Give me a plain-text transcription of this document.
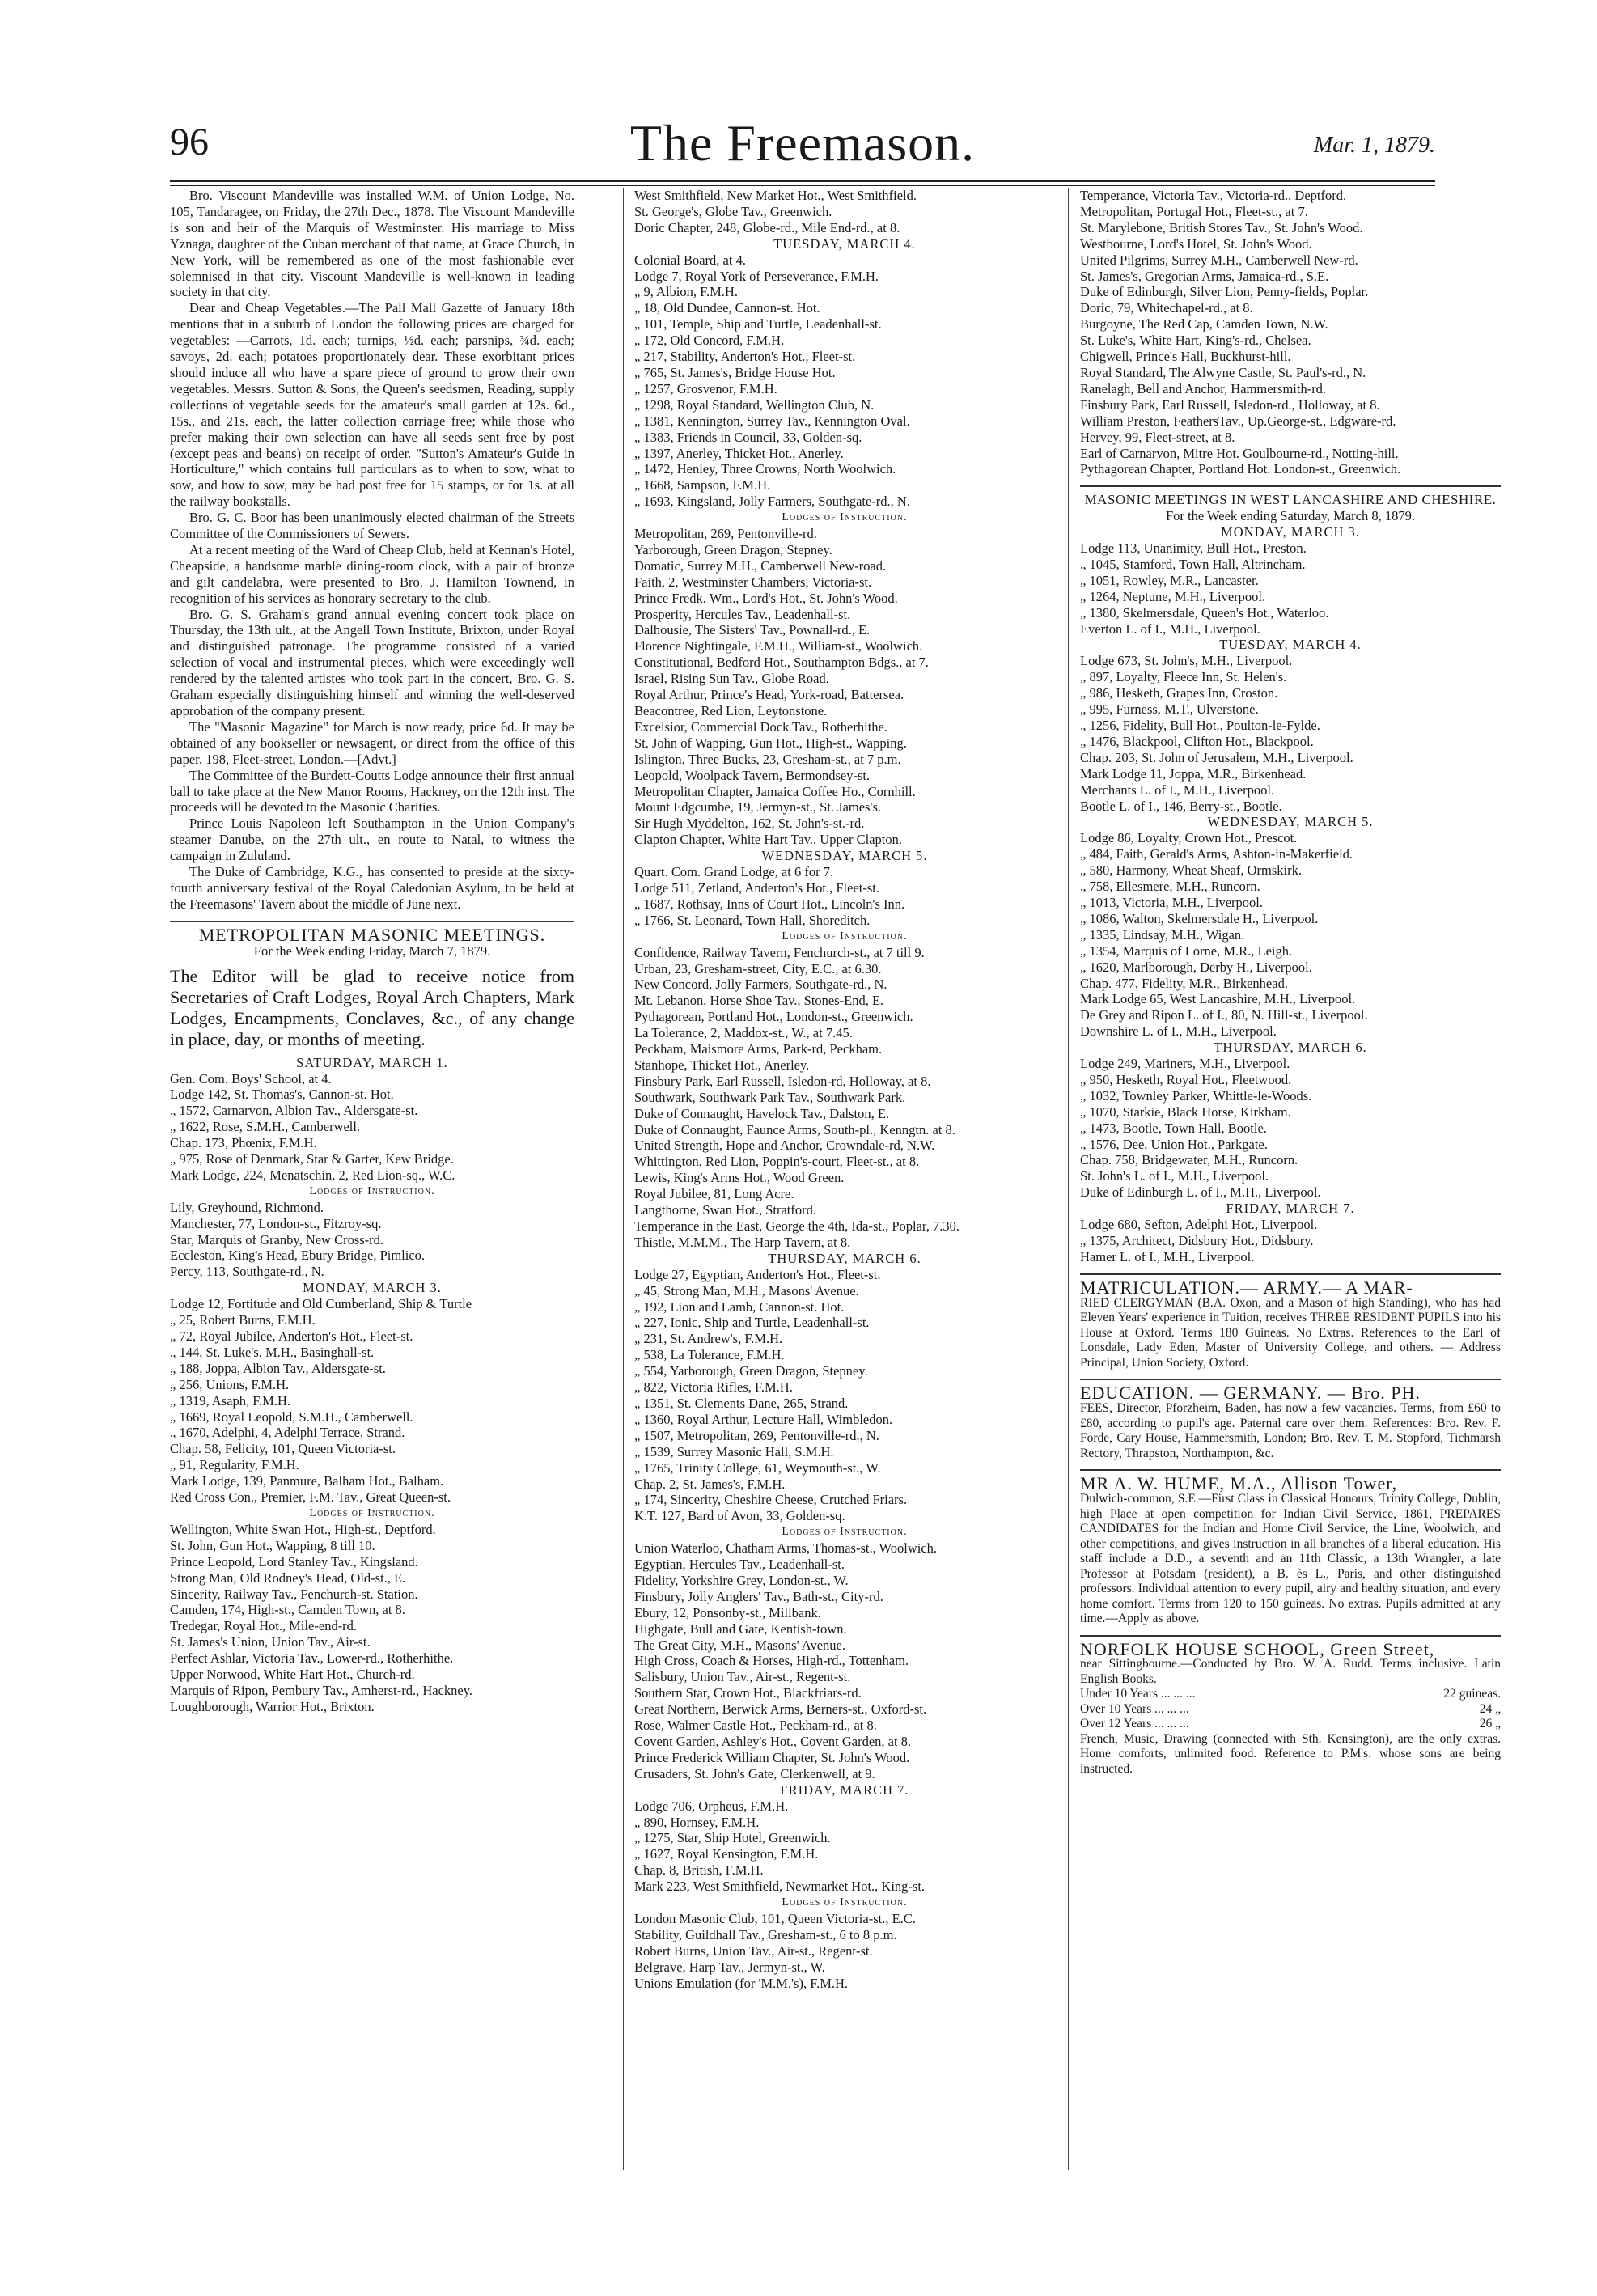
96	The Freemason.	Mar. 1, 1879.

Bro. Viscount Mandeville was installed W.M. of Union Lodge, No. 105, Tandaragee, on Friday, the 27th Dec., 1878. The Viscount Mandeville is son and heir of the Marquis of Westminster. His marriage to Miss Yznaga, daughter of the Cuban merchant of that name, at Grace Church, in New York, will be remembered as one of the most fashionable ever solemnised in that city. Viscount Mandeville is well-known in leading society in that city.

Dear and Cheap Vegetables.—The Pall Mall Gazette of January 18th mentions that in a suburb of London the following prices are charged for vegetables: —Carrots, 1d. each; turnips, ½d. each; parsnips, ¾d. each; savoys, 2d. each; potatoes proportionately dear. These exorbitant prices should induce all who have a spare piece of ground to grow their own vegetables. Messrs. Sutton & Sons, the Queen's seedsmen, Reading, supply collections of vegetable seeds for the amateur's small garden at 12s. 6d., 15s., and 21s. each, the latter collection carriage free; while those who prefer making their own selection can have all seeds sent free by post (except peas and beans) on receipt of order. "Sutton's Amateur's Guide in Horticulture," which contains full particulars as to when to sow, what to sow, and how to sow, may be had post free for 15 stamps, or for 1s. at all the railway bookstalls.

Bro. G. C. Boor has been unanimously elected chairman of the Streets Committee of the Commissioners of Sewers.

At a recent meeting of the Ward of Cheap Club, held at Kennan's Hotel, Cheapside, a handsome marble dining-room clock, with a pair of bronze and gilt candelabra, were presented to Bro. J. Hamilton Townend, in recognition of his services as honorary secretary to the club.

Bro. G. S. Graham's grand annual evening concert took place on Thursday, the 13th ult., at the Angell Town Institute, Brixton, under Royal and distinguished patronage. The programme consisted of a varied selection of vocal and instrumental pieces, which were exceedingly well rendered by the talented artistes who took part in the concert, Bro. G. S. Graham especially distinguishing himself and winning the well-deserved approbation of the company present.

The "Masonic Magazine" for March is now ready, price 6d. It may be obtained of any bookseller or newsagent, or direct from the office of this paper, 198, Fleet-street, London.—[Advt.]

The Committee of the Burdett-Coutts Lodge announce their first annual ball to take place at the New Manor Rooms, Hackney, on the 12th inst. The proceeds will be devoted to the Masonic Charities.

Prince Louis Napoleon left Southampton in the Union Company's steamer Danube, on the 27th ult., en route to Natal, to witness the campaign in Zululand.

The Duke of Cambridge, K.G., has consented to preside at the sixty-fourth anniversary festival of the Royal Caledonian Asylum, to be held at the Freemasons' Tavern about the middle of June next.

METROPOLITAN MASONIC MEETINGS.
For the Week ending Friday, March 7, 1879.
The Editor will be glad to receive notice from Secretaries of Craft Lodges, Royal Arch Chapters, Mark Lodges, Encampments, Conclaves, &c., of any change in place, day, or months of meeting.
SATURDAY, MARCH 1.
Gen. Com. Boys' School, at 4.
Lodge 142, St. Thomas's, Cannon-st. Hot.
„ 1572, Carnarvon, Albion Tav., Aldersgate-st.
„ 1622, Rose, S.M.H., Camberwell.
Chap. 173, Phœnix, F.M.H.
„ 975, Rose of Denmark, Star & Garter, Kew Bridge.
Mark Lodge, 224, Menatschin, 2, Red Lion-sq., W.C.
Lodges of Instruction.
Lily, Greyhound, Richmond.
Manchester, 77, London-st., Fitzroy-sq.
Star, Marquis of Granby, New Cross-rd.
Eccleston, King's Head, Ebury Bridge, Pimlico.
Percy, 113, Southgate-rd., N.
MONDAY, MARCH 3.
Lodge 12, Fortitude and Old Cumberland, Ship & Turtle
„ 25, Robert Burns, F.M.H.
„ 72, Royal Jubilee, Anderton's Hot., Fleet-st.
„ 144, St. Luke's, M.H., Basinghall-st.
„ 188, Joppa, Albion Tav., Aldersgate-st.
„ 256, Unions, F.M.H.
„ 1319, Asaph, F.M.H.
„ 1669, Royal Leopold, S.M.H., Camberwell.
„ 1670, Adelphi, 4, Adelphi Terrace, Strand.
Chap. 58, Felicity, 101, Queen Victoria-st.
„ 91, Regularity, F.M.H.
Mark Lodge, 139, Panmure, Balham Hot., Balham.
Red Cross Con., Premier, F.M. Tav., Great Queen-st.
Lodges of Instruction.
Wellington, White Swan Hot., High-st., Deptford.
St. John, Gun Hot., Wapping, 8 till 10.
Prince Leopold, Lord Stanley Tav., Kingsland.
Strong Man, Old Rodney's Head, Old-st., E.
Sincerity, Railway Tav., Fenchurch-st. Station.
Camden, 174, High-st., Camden Town, at 8.
Tredegar, Royal Hot., Mile-end-rd.
St. James's Union, Union Tav., Air-st.
Perfect Ashlar, Victoria Tav., Lower-rd., Rotherhithe.
Upper Norwood, White Hart Hot., Church-rd.
Marquis of Ripon, Pembury Tav., Amherst-rd., Hackney.
Loughborough, Warrior Hot., Brixton.
West Smithfield, New Market Hot., West Smithfield.
St. George's, Globe Tav., Greenwich.
Doric Chapter, 248, Globe-rd., Mile End-rd., at 8.
TUESDAY, MARCH 4.
Colonial Board, at 4.
Lodge 7, Royal York of Perseverance, F.M.H.
„ 9, Albion, F.M.H.
„ 18, Old Dundee, Cannon-st. Hot.
„ 101, Temple, Ship and Turtle, Leadenhall-st.
„ 172, Old Concord, F.M.H.
„ 217, Stability, Anderton's Hot., Fleet-st.
„ 765, St. James's, Bridge House Hot.
„ 1257, Grosvenor, F.M.H.
„ 1298, Royal Standard, Wellington Club, N.
„ 1381, Kennington, Surrey Tav., Kennington Oval.
„ 1383, Friends in Council, 33, Golden-sq.
„ 1397, Anerley, Thicket Hot., Anerley.
„ 1472, Henley, Three Crowns, North Woolwich.
„ 1668, Sampson, F.M.H.
„ 1693, Kingsland, Jolly Farmers, Southgate-rd., N.
Lodges of Instruction.
Metropolitan, 269, Pentonville-rd.
Yarborough, Green Dragon, Stepney.
Domatic, Surrey M.H., Camberwell New-road.
Faith, 2, Westminster Chambers, Victoria-st.
Prince Fredk. Wm., Lord's Hot., St. John's Wood.
Prosperity, Hercules Tav., Leadenhall-st.
Dalhousie, The Sisters' Tav., Pownall-rd., E.
Florence Nightingale, F.M.H., William-st., Woolwich.
Constitutional, Bedford Hot., Southampton Bdgs., at 7.
Israel, Rising Sun Tav., Globe Road.
Royal Arthur, Prince's Head, York-road, Battersea.
Beacontree, Red Lion, Leytonstone.
Excelsior, Commercial Dock Tav., Rotherhithe.
St. John of Wapping, Gun Hot., High-st., Wapping.
Islington, Three Bucks, 23, Gresham-st., at 7 p.m.
Leopold, Woolpack Tavern, Bermondsey-st.
Metropolitan Chapter, Jamaica Coffee Ho., Cornhill.
Mount Edgcumbe, 19, Jermyn-st., St. James's.
Sir Hugh Myddelton, 162, St. John's-st.-rd.
Clapton Chapter, White Hart Tav., Upper Clapton.
WEDNESDAY, MARCH 5.
Quart. Com. Grand Lodge, at 6 for 7.
Lodge 511, Zetland, Anderton's Hot., Fleet-st.
„ 1687, Rothsay, Inns of Court Hot., Lincoln's Inn.
„ 1766, St. Leonard, Town Hall, Shoreditch.
Lodges of Instruction.
Confidence, Railway Tavern, Fenchurch-st., at 7 till 9.
Urban, 23, Gresham-street, City, E.C., at 6.30.
New Concord, Jolly Farmers, Southgate-rd., N.
Mt. Lebanon, Horse Shoe Tav., Stones-End, E.
Pythagorean, Portland Hot., London-st., Greenwich.
La Tolerance, 2, Maddox-st., W., at 7.45.
Peckham, Maismore Arms, Park-rd, Peckham.
Stanhope, Thicket Hot., Anerley.
Finsbury Park, Earl Russell, Isledon-rd, Holloway, at 8.
Southwark, Southwark Park Tav., Southwark Park.
Duke of Connaught, Havelock Tav., Dalston, E.
Duke of Connaught, Faunce Arms, South-pl., Kenngtn. at 8.
United Strength, Hope and Anchor, Crowndale-rd, N.W.
Whittington, Red Lion, Poppin's-court, Fleet-st., at 8.
Lewis, King's Arms Hot., Wood Green.
Royal Jubilee, 81, Long Acre.
Langthorne, Swan Hot., Stratford.
Temperance in the East, George the 4th, Ida-st., Poplar, 7.30.
Thistle, M.M.M., The Harp Tavern, at 8.
THURSDAY, MARCH 6.
Lodge 27, Egyptian, Anderton's Hot., Fleet-st.
„ 45, Strong Man, M.H., Masons' Avenue.
„ 192, Lion and Lamb, Cannon-st. Hot.
„ 227, Ionic, Ship and Turtle, Leadenhall-st.
„ 231, St. Andrew's, F.M.H.
„ 538, La Tolerance, F.M.H.
„ 554, Yarborough, Green Dragon, Stepney.
„ 822, Victoria Rifles, F.M.H.
„ 1351, St. Clements Dane, 265, Strand.
„ 1360, Royal Arthur, Lecture Hall, Wimbledon.
„ 1507, Metropolitan, 269, Pentonville-rd., N.
„ 1539, Surrey Masonic Hall, S.M.H.
„ 1765, Trinity College, 61, Weymouth-st., W.
Chap. 2, St. James's, F.M.H.
„ 174, Sincerity, Cheshire Cheese, Crutched Friars.
K.T. 127, Bard of Avon, 33, Golden-sq.
Lodges of Instruction.
Union Waterloo, Chatham Arms, Thomas-st., Woolwich.
Egyptian, Hercules Tav., Leadenhall-st.
Fidelity, Yorkshire Grey, London-st., W.
Finsbury, Jolly Anglers' Tav., Bath-st., City-rd.
Ebury, 12, Ponsonby-st., Millbank.
Highgate, Bull and Gate, Kentish-town.
The Great City, M.H., Masons' Avenue.
High Cross, Coach & Horses, High-rd., Tottenham.
Salisbury, Union Tav., Air-st., Regent-st.
Southern Star, Crown Hot., Blackfriars-rd.
Great Northern, Berwick Arms, Berners-st., Oxford-st.
Rose, Walmer Castle Hot., Peckham-rd., at 8.
Covent Garden, Ashley's Hot., Covent Garden, at 8.
Prince Frederick William Chapter, St. John's Wood.
Crusaders, St. John's Gate, Clerkenwell, at 9.
FRIDAY, MARCH 7.
Lodge 706, Orpheus, F.M.H.
„ 890, Hornsey, F.M.H.
„ 1275, Star, Ship Hotel, Greenwich.
„ 1627, Royal Kensington, F.M.H.
Chap. 8, British, F.M.H.
Mark 223, West Smithfield, Newmarket Hot., King-st.
Lodges of Instruction.
London Masonic Club, 101, Queen Victoria-st., E.C.
Stability, Guildhall Tav., Gresham-st., 6 to 8 p.m.
Robert Burns, Union Tav., Air-st., Regent-st.
Belgrave, Harp Tav., Jermyn-st., W.
Unions Emulation (for 'M.M.'s), F.M.H.
Temperance, Victoria Tav., Victoria-rd., Deptford.
Metropolitan, Portugal Hot., Fleet-st., at 7.
St. Marylebone, British Stores Tav., St. John's Wood.
Westbourne, Lord's Hotel, St. John's Wood.
United Pilgrims, Surrey M.H., Camberwell New-rd.
St. James's, Gregorian Arms, Jamaica-rd., S.E.
Duke of Edinburgh, Silver Lion, Penny-fields, Poplar.
Doric, 79, Whitechapel-rd., at 8.
Burgoyne, The Red Cap, Camden Town, N.W.
St. Luke's, White Hart, King's-rd., Chelsea.
Chigwell, Prince's Hall, Buckhurst-hill.
Royal Standard, The Alwyne Castle, St. Paul's-rd., N.
Ranelagh, Bell and Anchor, Hammersmith-rd.
Finsbury Park, Earl Russell, Isledon-rd., Holloway, at 8.
William Preston, FeathersTav., Up.George-st., Edgware-rd.
Hervey, 99, Fleet-street, at 8.
Earl of Carnarvon, Mitre Hot. Goulbourne-rd., Notting-hill.
Pythagorean Chapter, Portland Hot. London-st., Greenwich.
MASONIC MEETINGS IN WEST LANCASHIRE AND CHESHIRE.
For the Week ending Saturday, March 8, 1879.
MONDAY, MARCH 3.
Lodge 113, Unanimity, Bull Hot., Preston.
„ 1045, Stamford, Town Hall, Altrincham.
„ 1051, Rowley, M.R., Lancaster.
„ 1264, Neptune, M.H., Liverpool.
„ 1380, Skelmersdale, Queen's Hot., Waterloo.
Everton L. of I., M.H., Liverpool.
TUESDAY, MARCH 4.
Lodge 673, St. John's, M.H., Liverpool.
„ 897, Loyalty, Fleece Inn, St. Helen's.
„ 986, Hesketh, Grapes Inn, Croston.
„ 995, Furness, M.T., Ulverstone.
„ 1256, Fidelity, Bull Hot., Poulton-le-Fylde.
„ 1476, Blackpool, Clifton Hot., Blackpool.
Chap. 203, St. John of Jerusalem, M.H., Liverpool.
Mark Lodge 11, Joppa, M.R., Birkenhead.
Merchants L. of I., M.H., Liverpool.
Bootle L. of I., 146, Berry-st., Bootle.
WEDNESDAY, MARCH 5.
Lodge 86, Loyalty, Crown Hot., Prescot.
„ 484, Faith, Gerald's Arms, Ashton-in-Makerfield.
„ 580, Harmony, Wheat Sheaf, Ormskirk.
„ 758, Ellesmere, M.H., Runcorn.
„ 1013, Victoria, M.H., Liverpool.
„ 1086, Walton, Skelmersdale H., Liverpool.
„ 1335, Lindsay, M.H., Wigan.
„ 1354, Marquis of Lorne, M.R., Leigh.
„ 1620, Marlborough, Derby H., Liverpool.
Chap. 477, Fidelity, M.R., Birkenhead.
Mark Lodge 65, West Lancashire, M.H., Liverpool.
De Grey and Ripon L. of I., 80, N. Hill-st., Liverpool.
Downshire L. of I., M.H., Liverpool.
THURSDAY, MARCH 6.
Lodge 249, Mariners, M.H., Liverpool.
„ 950, Hesketh, Royal Hot., Fleetwood.
„ 1032, Townley Parker, Whittle-le-Woods.
„ 1070, Starkie, Black Horse, Kirkham.
„ 1473, Bootle, Town Hall, Bootle.
„ 1576, Dee, Union Hot., Parkgate.
Chap. 758, Bridgewater, M.H., Runcorn.
St. John's L. of I., M.H., Liverpool.
Duke of Edinburgh L. of I., M.H., Liverpool.
FRIDAY, MARCH 7.
Lodge 680, Sefton, Adelphi Hot., Liverpool.
„ 1375, Architect, Didsbury Hot., Didsbury.
Hamer L. of I., M.H., Liverpool.
MATRICULATION.— ARMY.— A MAR-
RIED CLERGYMAN (B.A. Oxon, and a Mason of high Standing), who has had Eleven Years' experience in Tuition, receives THREE RESIDENT PUPILS into his House at Oxford. Terms 180 Guineas. No Extras. References to the Earl of Lonsdale, Lady Eden, Master of University College, and others. — Address Principal, Union Society, Oxford.
EDUCATION. — GERMANY. — Bro. PH.
FEES, Director, Pforzheim, Baden, has now a few vacancies. Terms, from £60 to £80, according to pupil's age. Paternal care over them. References: Bro. Rev. F. Forde, Cary House, Hammersmith, London; Bro. Rev. T. M. Stopford, Tichmarsh Rectory, Thrapston, Northampton, &c.
MR A. W. HUME, M.A., Allison Tower,
Dulwich-common, S.E.—First Class in Classical Honours, Trinity College, Dublin, high Place at open competition for Indian Civil Service, 1861, PREPARES CANDIDATES for the Indian and Home Civil Service, the Line, Woolwich, and other competitions, and gives instruction in all branches of a liberal education. His staff include a D.D., a seventh and an 11th Classic, a 13th Wrangler, a late Professor at Potsdam (resident), a B. ès L., Paris, and other distinguished professors. Individual attention to every pupil, airy and healthy situation, and every home comfort. Terms from 120 to 150 guineas. No extras. Pupils admitted at any time.—Apply as above.
NORFOLK HOUSE SCHOOL, Green Street,
near Sittingbourne.—Conducted by Bro. W. A. Rudd. Terms inclusive. Latin English Books.
Under 10 Years ... ... ...	22 guineas.
Over 10 Years ... ... ...	24 „
Over 12 Years ... ... ...	26 „
French, Music, Drawing (connected with Sth. Kensington), are the only extras. Home comforts, unlimited food. Reference to P.M's. whose sons are being instructed.
